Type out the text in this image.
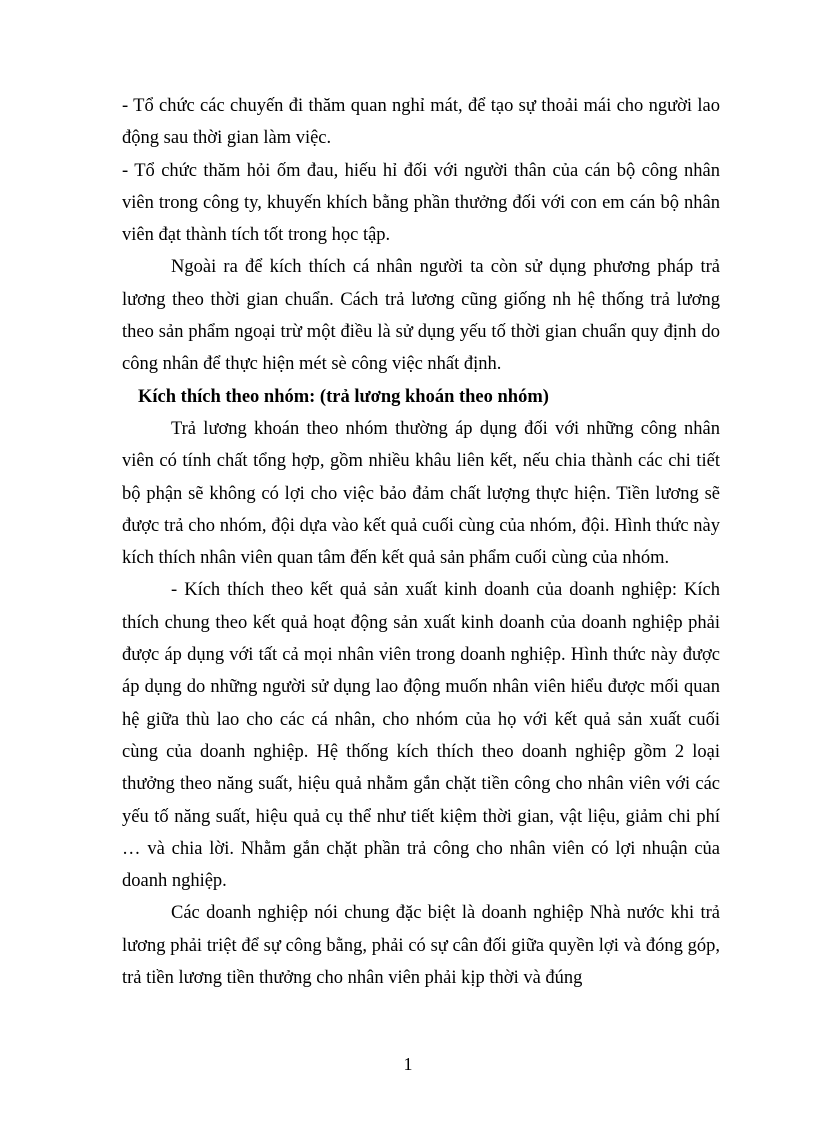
- Tổ chức các chuyến đi thăm quan nghỉ mát, để tạo sự thoải mái cho người lao động sau thời gian làm việc.

- Tổ chức thăm hỏi ốm đau, hiếu hỉ đối với người thân của cán bộ công nhân viên trong công ty, khuyến khích bằng phần thưởng đối với con em cán bộ nhân viên đạt thành tích tốt trong học tập.

Ngoài ra để kích thích cá nhân người ta còn sử dụng phương pháp trả lương theo thời gian chuẩn. Cách trả lương cũng giống nh hệ thống trả lương theo sản phẩm ngoại trừ một điều là sử dụng yếu tố thời gian chuẩn quy định do công nhân để thực hiện mét sè công việc nhất định.

Kích thích theo nhóm: (trả lương khoán theo nhóm)

Trả lương khoán theo nhóm thường áp dụng đối với những công nhân viên có tính chất tổng hợp, gồm nhiều khâu liên kết, nếu chia thành các chi tiết bộ phận sẽ không có lợi cho việc bảo đảm chất lượng thực hiện. Tiền lương sẽ được trả cho nhóm, đội dựa vào kết quả cuối cùng của nhóm, đội. Hình thức này kích thích nhân viên quan tâm đến kết quả sản phẩm cuối cùng của nhóm.

- Kích thích theo kết quả sản xuất kinh doanh của doanh nghiệp: Kích thích chung theo kết quả hoạt động sản xuất kinh doanh của doanh nghiệp phải được áp dụng với tất cả mọi nhân viên trong doanh nghiệp. Hình thức này được áp dụng do những người sử dụng lao động muốn nhân viên hiểu được mối quan hệ giữa thù lao cho các cá nhân, cho nhóm của họ với kết quả sản xuất cuối cùng của doanh nghiệp. Hệ thống kích thích theo doanh nghiệp gồm 2 loại thưởng theo năng suất, hiệu quả nhằm gắn chặt tiền công cho nhân viên với các yếu tố năng suất, hiệu quả cụ thể như tiết kiệm thời gian, vật liệu, giảm chi phí … và chia lời. Nhằm gắn chặt phần trả công cho nhân viên có lợi nhuận của doanh nghiệp.

Các doanh nghiệp nói chung đặc biệt là doanh nghiệp Nhà nước khi trả lương phải triệt để sự công bằng, phải có sự cân đối giữa quyền lợi và đóng góp, trả tiền lương tiền thưởng cho nhân viên phải kịp thời và đúng

1
